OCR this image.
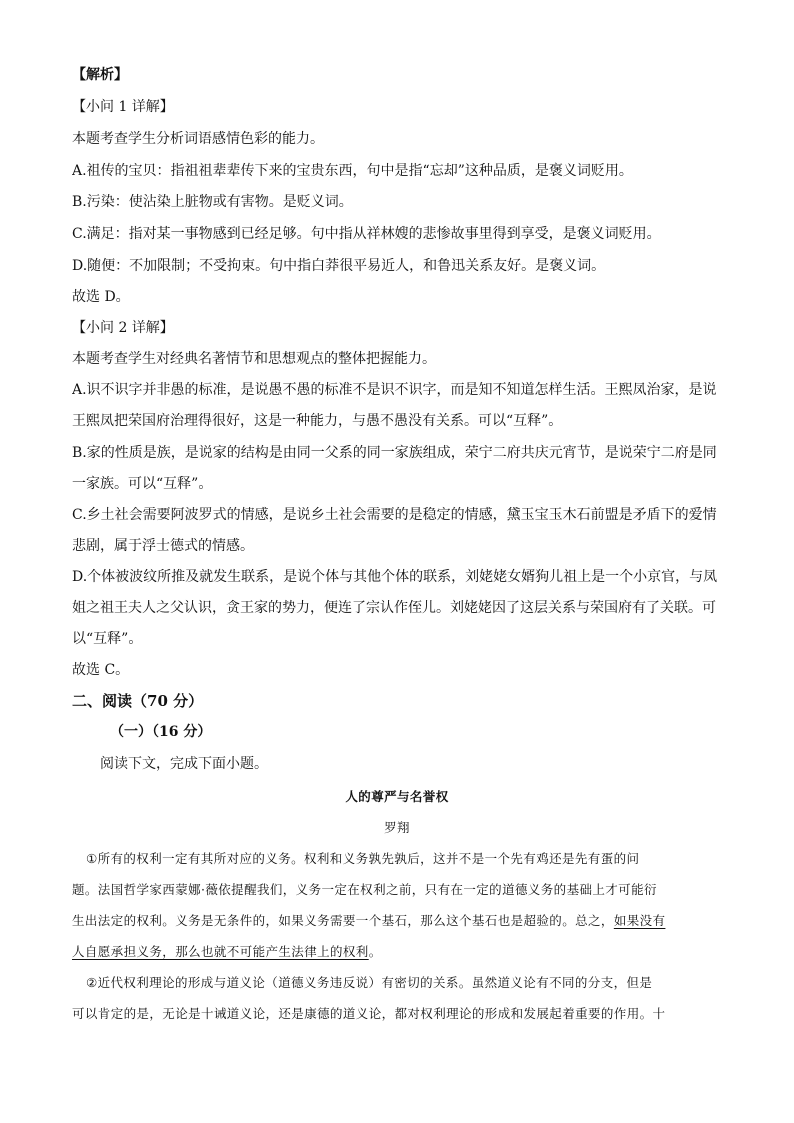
【解析】
【小问 1 详解】
本题考查学生分析词语感情色彩的能力。
A.祖传的宝贝：指祖祖辈辈传下来的宝贵东西，句中是指“忘却”这种品质，是褒义词贬用。
B.污染：使沾染上脏物或有害物。是贬义词。
C.满足：指对某一事物感到已经足够。句中指从祥林嫂的悲惨故事里得到享受，是褒义词贬用。
D.随便：不加限制；不受拘束。句中指白莽很平易近人，和鲁迅关系友好。是褒义词。
故选 D。
【小问 2 详解】
本题考查学生对经典名著情节和思想观点的整体把握能力。
A.识不识字并非愚的标准，是说愚不愚的标准不是识不识字，而是知不知道怎样生活。王熙凤治家，是说
王熙凤把荣国府治理得很好，这是一种能力，与愚不愚没有关系。可以“互释”。
B.家的性质是族，是说家的结构是由同一父系的同一家族组成，荣宁二府共庆元宵节，是说荣宁二府是同
一家族。可以“互释”。
C.乡土社会需要阿波罗式的情感，是说乡土社会需要的是稳定的情感，黛玉宝玉木石前盟是矛盾下的爱情
悲剧，属于浮士德式的情感。
D.个体被波纹所推及就发生联系，是说个体与其他个体的联系，刘姥姥女婿狗儿祖上是一个小京官，与凤
姐之祖王夫人之父认识，贪王家的势力，便连了宗认作侄儿。刘姥姥因了这层关系与荣国府有了关联。可
以“互释”。
故选 C。
二、阅读（70 分）
（一）（16 分）
阅读下文，完成下面小题。
人的尊严与名誉权
罗翔
①所有的权利一定有其所对应的义务。权利和义务孰先孰后，这并不是一个先有鸡还是先有蛋的问
题。法国哲学家西蒙娜·薇依提醒我们，义务一定在权利之前，只有在一定的道德义务的基础上才可能衍
生出法定的权利。义务是无条件的，如果义务需要一个基石，那么这个基石也是超验的。总之，如果没有
人自愿承担义务，那么也就不可能产生法律上的权利。
②近代权利理论的形成与道义论（道德义务违反说）有密切的关系。虽然道义论有不同的分支，但是
可以肯定的是，无论是十诫道义论，还是康德的道义论，都对权利理论的形成和发展起着重要的作用。十
